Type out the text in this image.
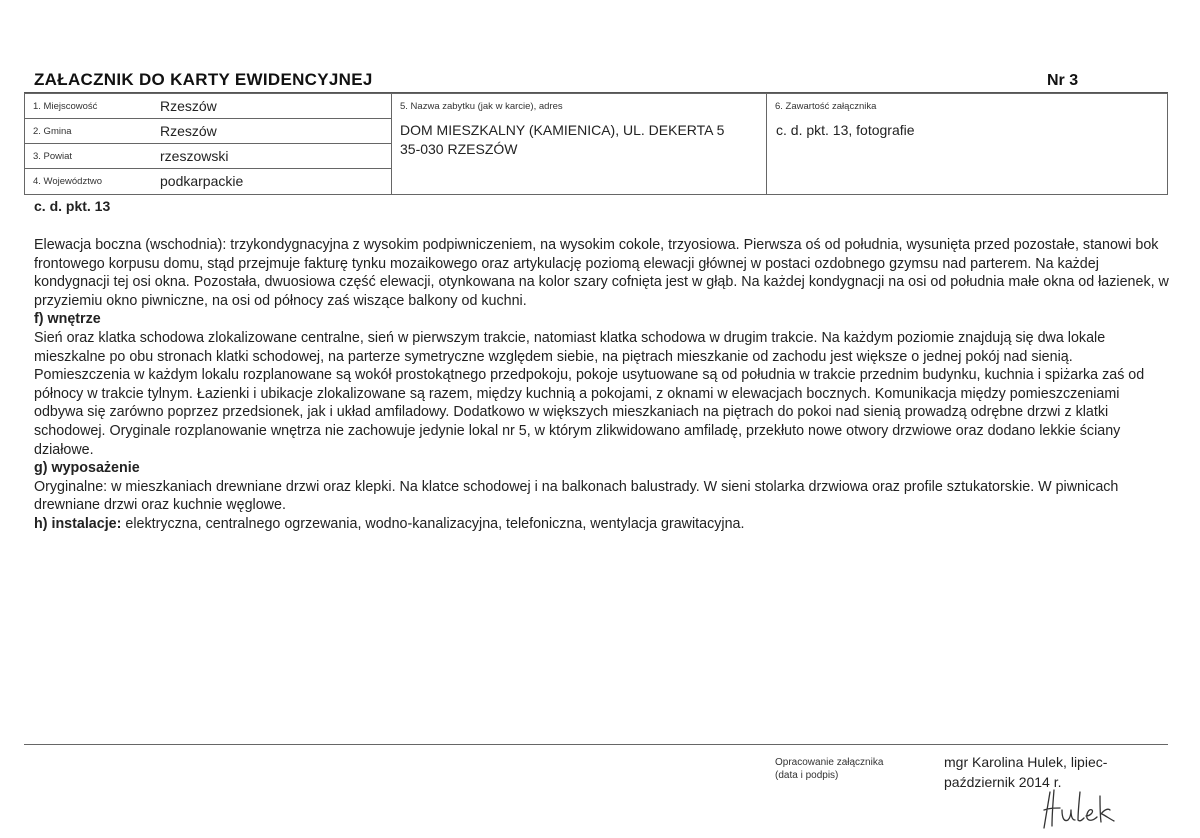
ZAŁACZNIK DO KARTY EWIDENCYJNEJ	Nr 3
1. Miejscowość	Rzeszów
2. Gmina	Rzeszów
3. Powiat	rzeszowski
4. Województwo	podkarpackie
5. Nazwa zabytku (jak w karcie), adres
DOM MIESZKALNY (KAMIENICA), UL. DEKERTA 5
35-030 RZESZÓW
6. Zawartość załącznika
c. d. pkt. 13, fotografie
c. d. pkt. 13

Elewacja boczna (wschodnia): trzykondygnacyjna z wysokim podpiwniczeniem, na wysokim cokole, trzyosiowa. Pierwsza oś od południa, wysunięta przed pozostałe, stanowi bok frontowego korpusu domu, stąd przejmuje fakturę tynku mozaikowego oraz artykulację poziomą elewacji głównej w postaci ozdobnego gzymsu nad parterem. Na każdej kondygnacji tej osi okna. Pozostała, dwuosiowa część elewacji, otynkowana na kolor szary cofnięta jest w głąb. Na każdej kondygnacji na osi od południa małe okna od łazienek, w przyziemiu okno piwniczne, na osi od północy zaś wiszące balkony od kuchni.

f) wnętrze

Sień oraz klatka schodowa zlokalizowane centralne, sień w pierwszym trakcie, natomiast klatka schodowa w drugim trakcie. Na każdym poziomie znajdują się dwa lokale mieszkalne po obu stronach klatki schodowej, na parterze symetryczne względem siebie, na piętrach mieszkanie od zachodu jest większe o jednej pokój nad sienią. Pomieszczenia w każdym lokalu rozplanowane są wokół prostokątnego przedpokoju, pokoje usytuowane są od południa w trakcie przednim budynku, kuchnia i spiżarka zaś od północy w trakcie tylnym. Łazienki i ubikacje zlokalizowane są razem, między kuchnią a pokojami, z oknami w elewacjach bocznych. Komunikacja między pomieszczeniami odbywa się zarówno poprzez przedsionek, jak i układ amfiladowy. Dodatkowo w większych mieszkaniach na piętrach do pokoi nad sienią prowadzą odrębne drzwi z klatki schodowej. Oryginale rozplanowanie wnętrza nie zachowuje jedynie lokal nr 5, w którym zlikwidowano amfiladę, przekłuto nowe otwory drzwiowe oraz dodano lekkie ściany działowe.

g) wyposażenie

Oryginalne: w mieszkaniach drewniane drzwi oraz klepki. Na klatce schodowej i na balkonach balustrady. W sieni stolarka drzwiowa oraz profile sztukatorskie. W piwnicach drewniane drzwi oraz kuchnie węglowe.

h) instalacje: elektryczna, centralnego ogrzewania, wodno-kanalizacyjna, telefoniczna, wentylacja grawitacyjna.

Opracowanie załącznika
(data i podpis)
mgr Karolina Hulek, lipiec-październik 2014 r.
